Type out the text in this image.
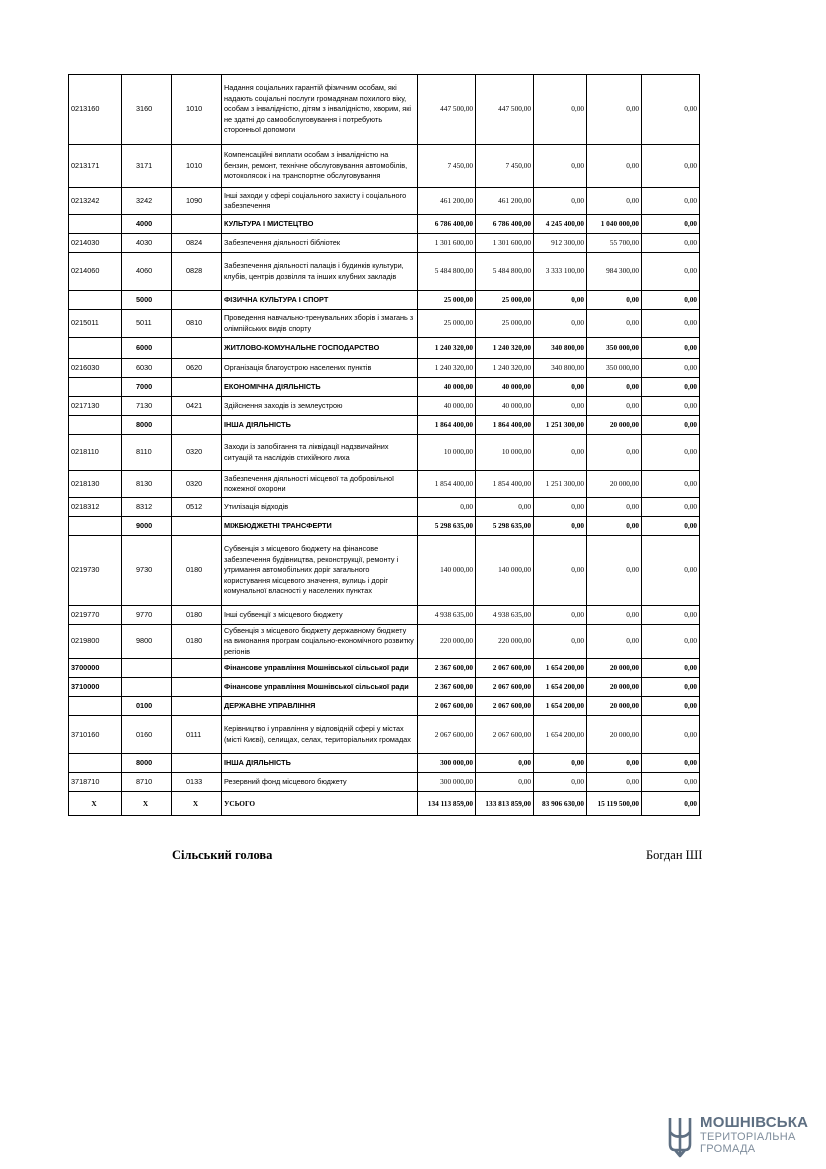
0213160	3160	1010	Надання соціальних гарантій фізичним особам, які надають соціальні послуги громадянам похилого віку, особам з інвалідністю, дітям з інвалідністю, хворим, які не здатні до самообслуговування і потребують сторонньої допомоги	447 500,00	447 500,00	0,00	0,00	0,00
0213171	3171	1010	Компенсаційні виплати особам з інвалідністю на бензин, ремонт, технічне обслуговування автомобілів, мотоколясок і на транспортне обслуговування	7 450,00	7 450,00	0,00	0,00	0,00
0213242	3242	1090	Інші заходи у сфері соціального захисту і соціального забезпечення	461 200,00	461 200,00	0,00	0,00	0,00
	4000		КУЛЬТУРА І МИСТЕЦТВО	6 786 400,00	6 786 400,00	4 245 400,00	1 040 000,00	0,00
0214030	4030	0824	Забезпечення діяльності бібліотек	1 301 600,00	1 301 600,00	912 300,00	55 700,00	0,00
0214060	4060	0828	Забезпечення діяльності палаців i будинків культури, клубів, центрів дозвілля та iнших клубних закладів	5 484 800,00	5 484 800,00	3 333 100,00	984 300,00	0,00
	5000		ФІЗИЧНА КУЛЬТУРА І СПОРТ	25 000,00	25 000,00	0,00	0,00	0,00
0215011	5011	0810	Проведення навчально-тренувальних зборів і змагань з олімпійських видів спорту	25 000,00	25 000,00	0,00	0,00	0,00
	6000		ЖИТЛОВО-КОМУНАЛЬНЕ ГОСПОДАРСТВО	1 240 320,00	1 240 320,00	340 800,00	350 000,00	0,00
0216030	6030	0620	Організація благоустрою населених пунктів	1 240 320,00	1 240 320,00	340 800,00	350 000,00	0,00
	7000		ЕКОНОМІЧНА ДІЯЛЬНІСТЬ	40 000,00	40 000,00	0,00	0,00	0,00
0217130	7130	0421	Здійснення заходів із землеустрою	40 000,00	40 000,00	0,00	0,00	0,00
	8000		ІНША ДІЯЛЬНІСТЬ	1 864 400,00	1 864 400,00	1 251 300,00	20 000,00	0,00
0218110	8110	0320	Заходи із запобігання та ліквідації надзвичайних ситуацій та наслідків стихійного лиха	10 000,00	10 000,00	0,00	0,00	0,00
0218130	8130	0320	Забезпечення діяльності місцевої та добровільної пожежної охорони	1 854 400,00	1 854 400,00	1 251 300,00	20 000,00	0,00
0218312	8312	0512	Утилізація відходів	0,00	0,00	0,00	0,00	0,00
	9000		МІЖБЮДЖЕТНІ ТРАНСФЕРТИ	5 298 635,00	5 298 635,00	0,00	0,00	0,00
0219730	9730	0180	Субвенція з місцевого бюджету на фінансове забезпечення будівництва, реконструкції, ремонту і утримання автомобільних доріг загального користування місцевого значення, вулиць і доріг комунальної власності у населених пунктах	140 000,00	140 000,00	0,00	0,00	0,00
0219770	9770	0180	Інші субвенції з місцевого бюджету	4 938 635,00	4 938 635,00	0,00	0,00	0,00
0219800	9800	0180	Субвенція з місцевого бюджету державному бюджету на виконання програм соціально-економічного розвитку регіонів	220 000,00	220 000,00	0,00	0,00	0,00
3700000			Фінансове управління Мошнівської сільської ради	2 367 600,00	2 067 600,00	1 654 200,00	20 000,00	0,00
3710000			Фінансове управління Мошнівської сільської ради	2 367 600,00	2 067 600,00	1 654 200,00	20 000,00	0,00
	0100		ДЕРЖАВНЕ УПРАВЛІННЯ	2 067 600,00	2 067 600,00	1 654 200,00	20 000,00	0,00
3710160	0160	0111	Керівництво і управління у відповідній сфері у містах (місті Києві), селищах, селах, територіальних громадах	2 067 600,00	2 067 600,00	1 654 200,00	20 000,00	0,00
	8000		ІНША ДІЯЛЬНІСТЬ	300 000,00	0,00	0,00	0,00	0,00
3718710	8710	0133	Резервний фонд місцевого бюджету	300 000,00	0,00	0,00	0,00	0,00
X	X	X	УСЬОГО	134 113 859,00	133 813 859,00	83 906 630,00	15 119 500,00	0,00
Сільський голова	Богдан ШІ
МОШНІВСЬКА
ТЕРИТОРІАЛЬНА
ГРОМАДА
